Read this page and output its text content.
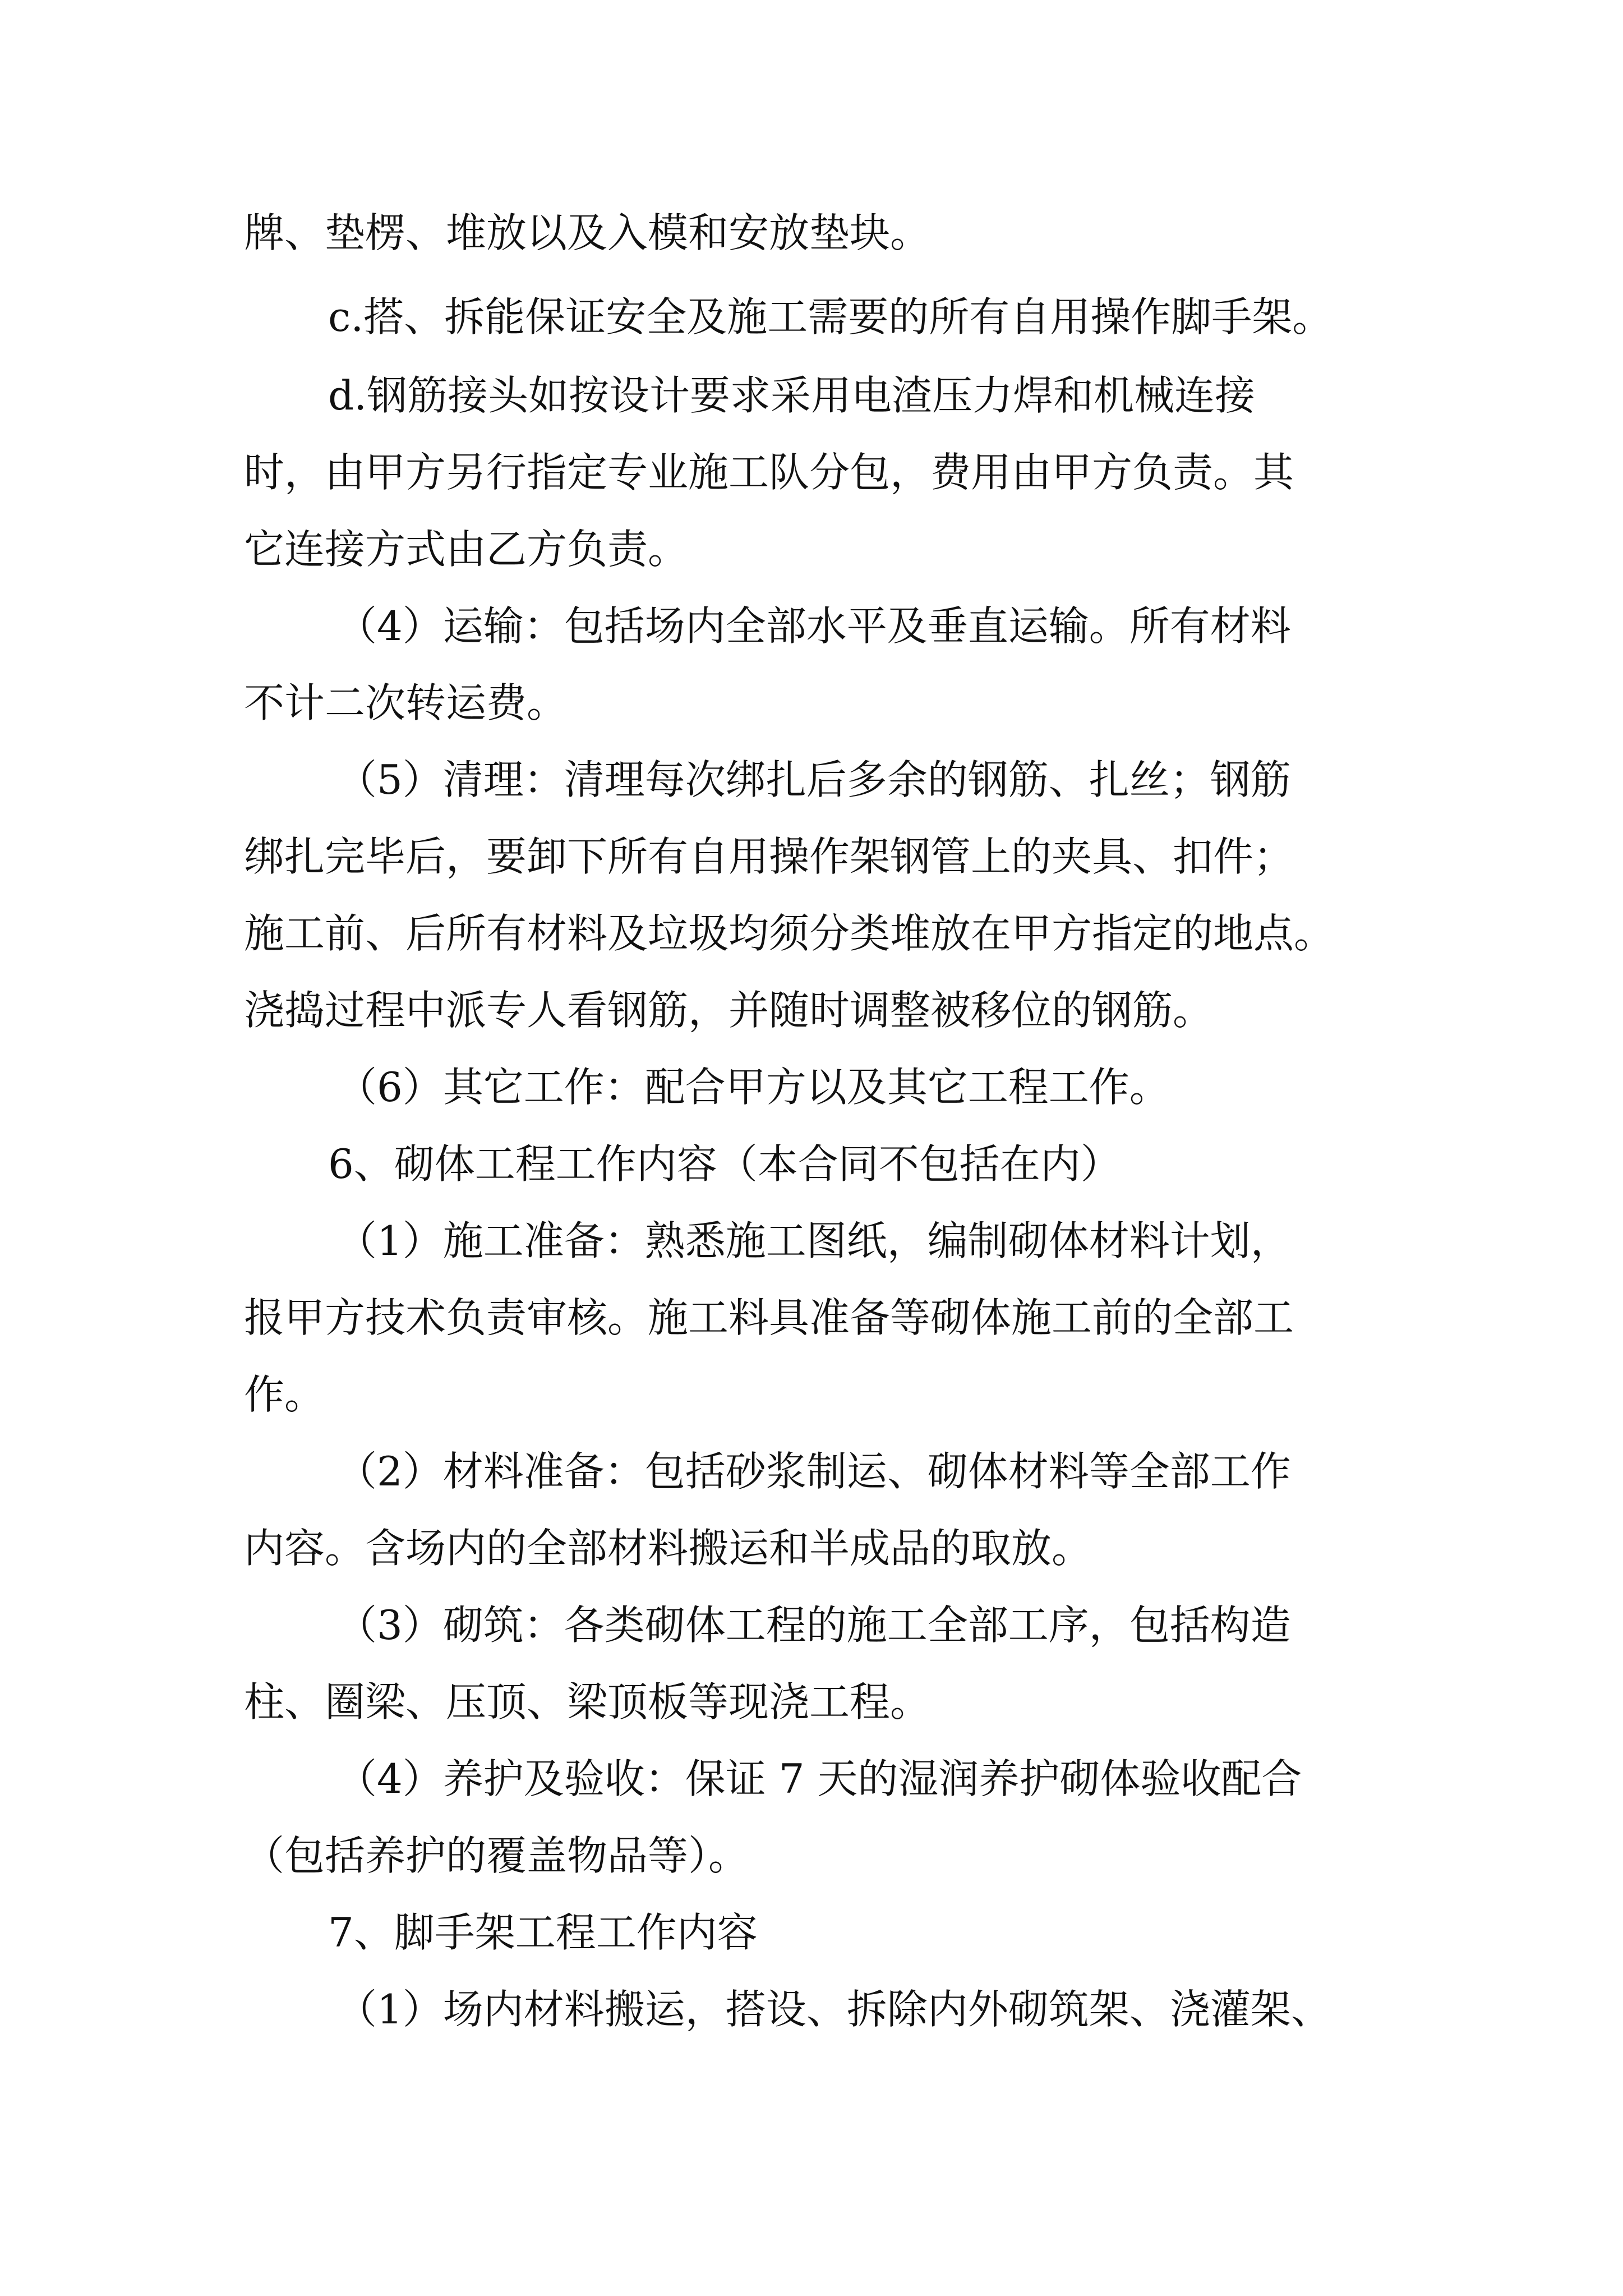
牌、垫楞、堆放以及入模和安放垫块。
c.搭、拆能保证安全及施工需要的所有自用操作脚手架。
d.钢筋接头如按设计要求采用电渣压力焊和机械连接
时，由甲方另行指定专业施工队分包，费用由甲方负责。其
它连接方式由乙方负责。
（4）运输：包括场内全部水平及垂直运输。所有材料
不计二次转运费。
（5）清理：清理每次绑扎后多余的钢筋、扎丝；钢筋
绑扎完毕后，要卸下所有自用操作架钢管上的夹具、扣件；
施工前、后所有材料及垃圾均须分类堆放在甲方指定的地点。
浇捣过程中派专人看钢筋，并随时调整被移位的钢筋。
（6）其它工作：配合甲方以及其它工程工作。
6、砌体工程工作内容（本合同不包括在内）
（1）施工准备：熟悉施工图纸，编制砌体材料计划，
报甲方技术负责审核。施工料具准备等砌体施工前的全部工
作。
（2）材料准备：包括砂浆制运、砌体材料等全部工作
内容。含场内的全部材料搬运和半成品的取放。
（3）砌筑：各类砌体工程的施工全部工序，包括构造
柱、圈梁、压顶、梁顶板等现浇工程。
（4）养护及验收：保证 7 天的湿润养护砌体验收配合
（包括养护的覆盖物品等）。
7、脚手架工程工作内容
（1）场内材料搬运，搭设、拆除内外砌筑架、浇灌架、
